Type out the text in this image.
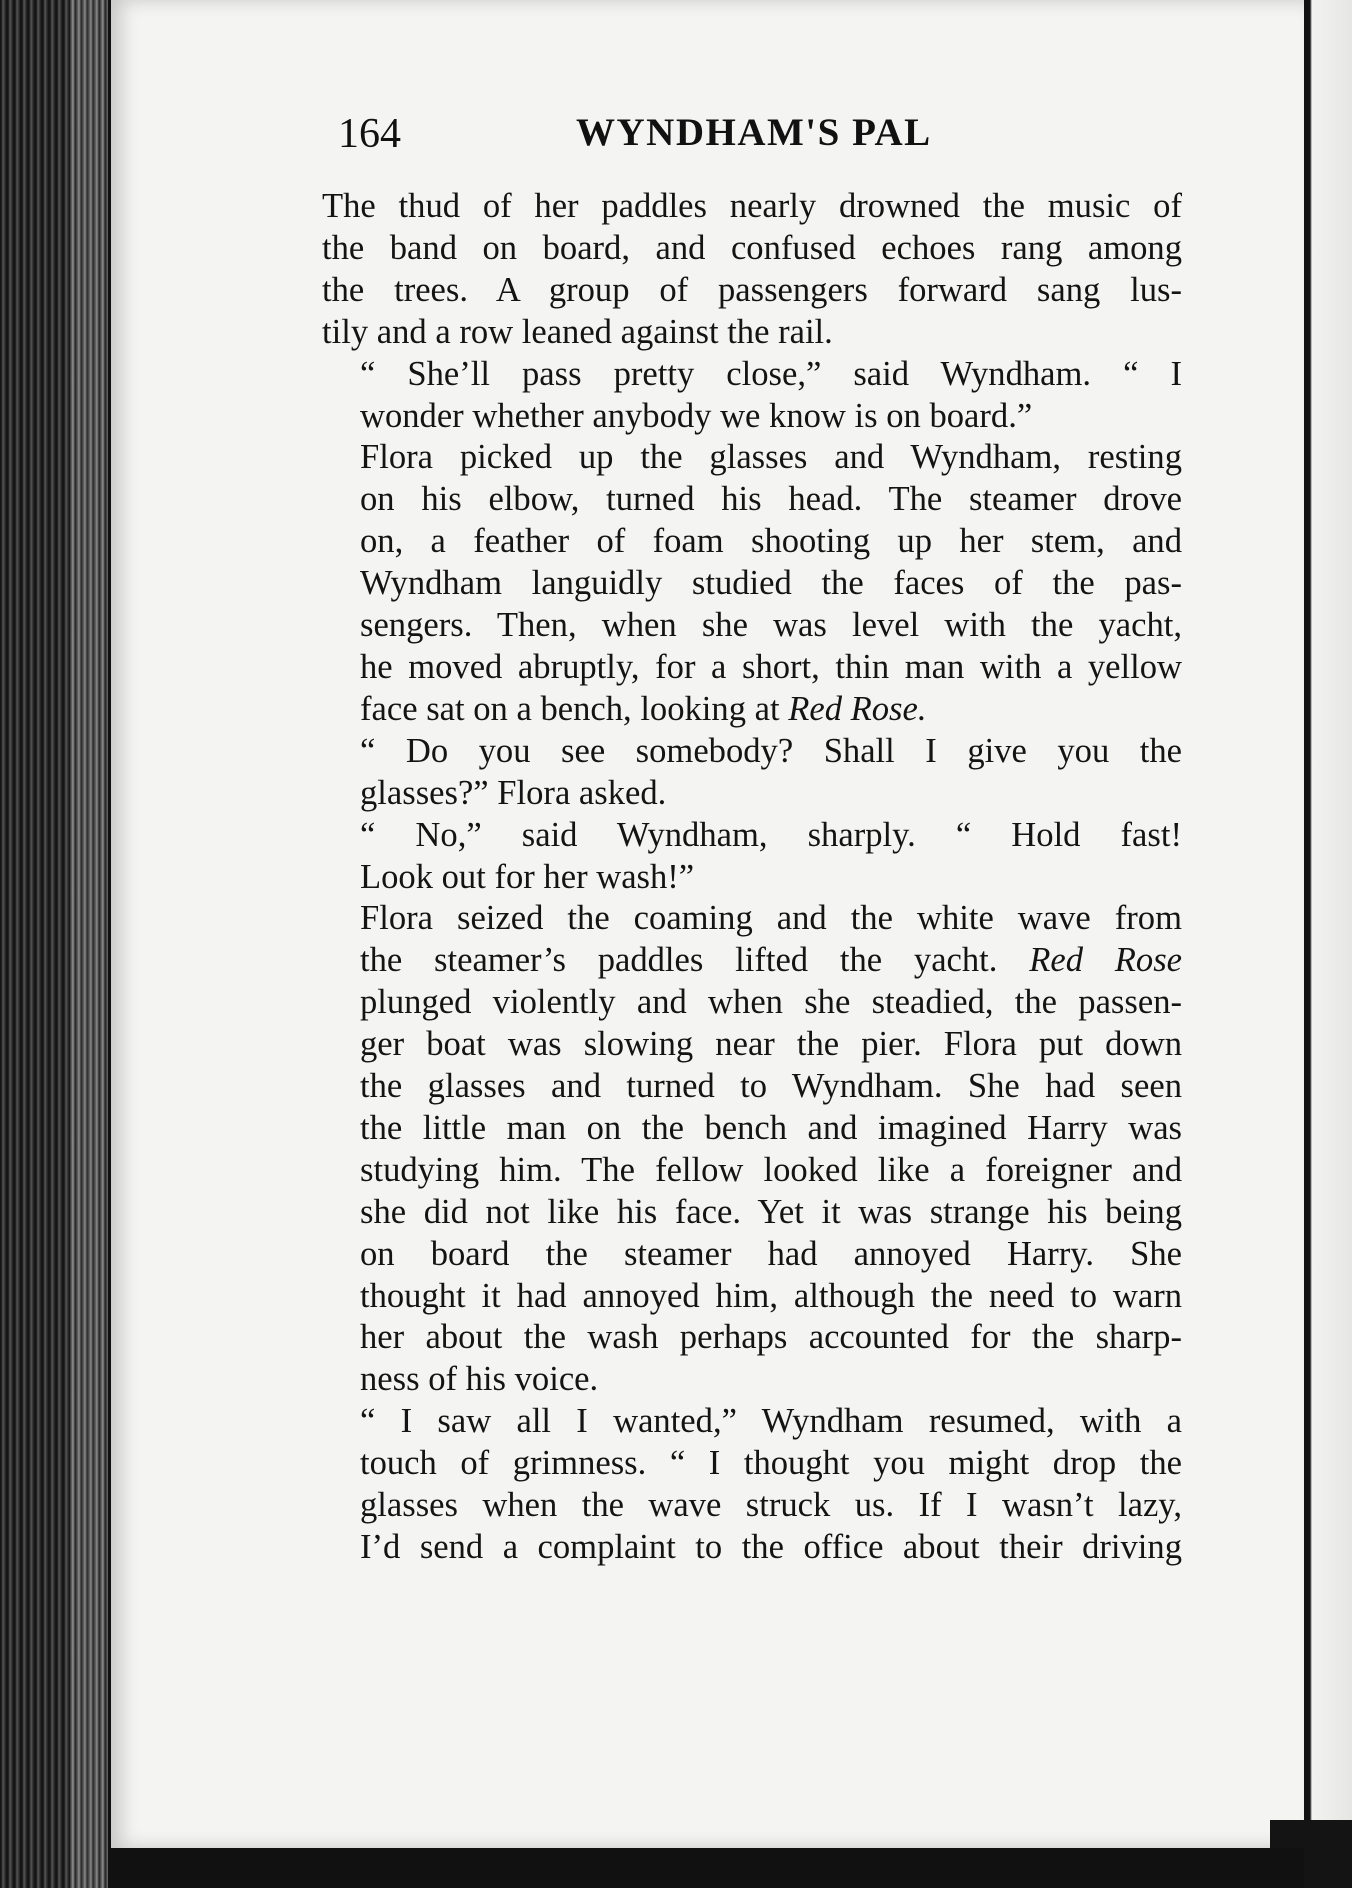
164	WYNDHAM'S PAL

The thud of her paddles nearly drowned the music of
the band on board, and confused echoes rang among
the trees. A group of passengers forward sang lus-
tily and a row leaned against the rail.

“ She’ll pass pretty close,” said Wyndham. “ I
wonder whether anybody we know is on board.”

Flora picked up the glasses and Wyndham, resting
on his elbow, turned his head. The steamer drove
on, a feather of foam shooting up her stem, and
Wyndham languidly studied the faces of the pas-
sengers. Then, when she was level with the yacht,
he moved abruptly, for a short, thin man with a yellow
face sat on a bench, looking at Red Rose.

“ Do you see somebody? Shall I give you the
glasses?” Flora asked.

“ No,” said Wyndham, sharply. “ Hold fast!
Look out for her wash!”

Flora seized the coaming and the white wave from
the steamer’s paddles lifted the yacht. Red Rose
plunged violently and when she steadied, the passen-
ger boat was slowing near the pier. Flora put down
the glasses and turned to Wyndham. She had seen
the little man on the bench and imagined Harry was
studying him. The fellow looked like a foreigner and
she did not like his face. Yet it was strange his being
on board the steamer had annoyed Harry. She
thought it had annoyed him, although the need to warn
her about the wash perhaps accounted for the sharp-
ness of his voice.

“ I saw all I wanted,” Wyndham resumed, with a
touch of grimness. “ I thought you might drop the
glasses when the wave struck us. If I wasn’t lazy,
I’d send a complaint to the office about their driving
